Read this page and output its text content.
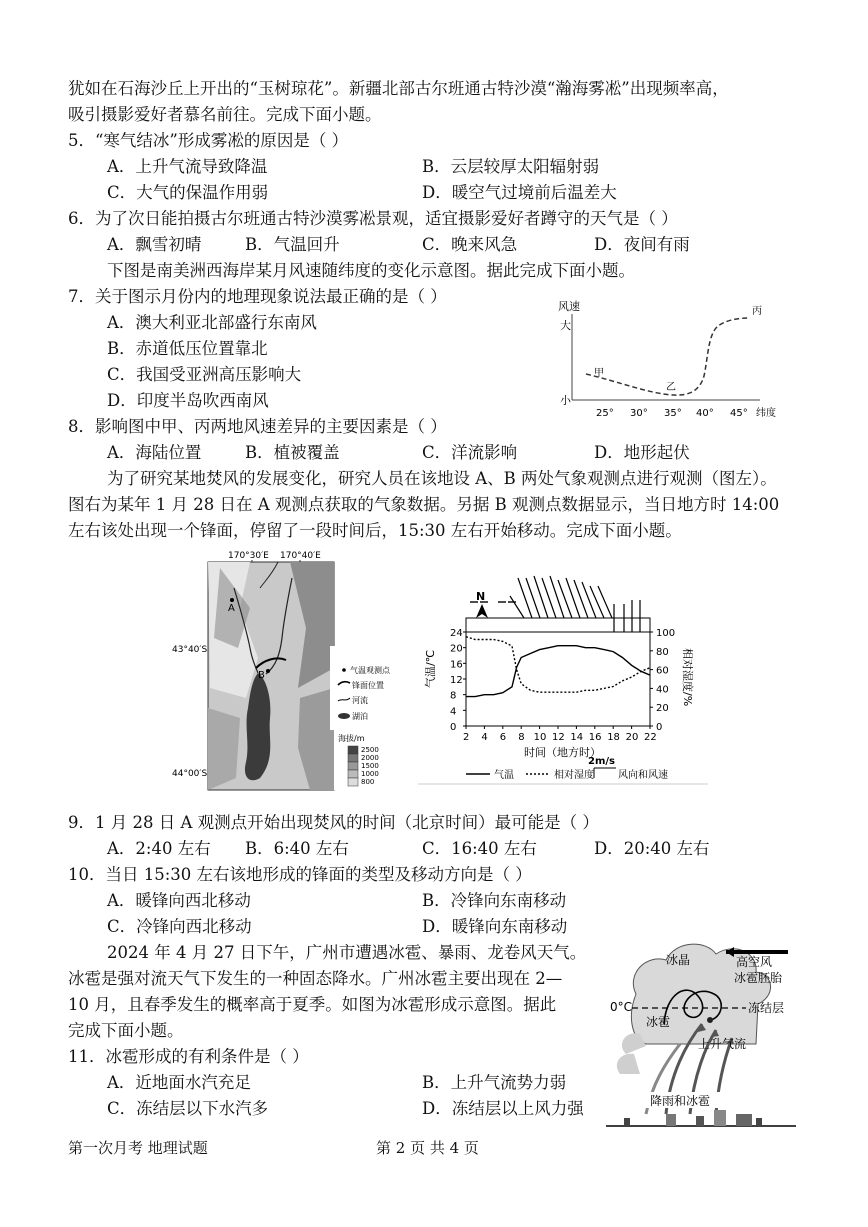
犹如在石海沙丘上开出的“玉树琼花”。新疆北部古尔班通古特沙漠“瀚海雾凇”出现频率高，
吸引摄影爱好者慕名前往。完成下面小题。
5．“寒气结冰”形成雾凇的原因是（ ）
A．上升气流导致降温	B．云层较厚太阳辐射弱
C．大气的保温作用弱	D．暖空气过境前后温差大
6．为了次日能拍摄古尔班通古特沙漠雾凇景观，适宜摄影爱好者蹲守的天气是（ ）
A．飘雪初晴	B．气温回升	C．晚来风急	D．夜间有雨
下图是南美洲西海岸某月风速随纬度的变化示意图。据此完成下面小题。
7．关于图示月份内的地理现象说法最正确的是（ ）
A．澳大利亚北部盛行东南风
B．赤道低压位置靠北
C．我国受亚洲高压影响大
D．印度半岛吹西南风
风速
大
小
25° 30° 35° 40° 45° 纬度
甲
乙
丙
8．影响图中甲、丙两地风速差异的主要因素是（ ）
A．海陆位置	B．植被覆盖	C．洋流影响	D．地形起伏
为了研究某地焚风的发展变化，研究人员在该地设 A、B 两处气象观测点进行观测（图左）。
图右为某年 1 月 28 日在 A 观测点获取的气象数据。另据 B 观测点数据显示，当日地方时 14:00
左右该处出现一个锋面，停留了一段时间后，15:30 左右开始移动。完成下面小题。
170°30′E 170°40′E
A
B
43°40′S
44°00′S
气温观测点
锋面位置
河流
湖泊
海拔/m
2500
2000
1500
1000
800
N
0
4
8
12
16
20
24
0
20
40
60
80
100
2 4 6 8 10 12 14 16 18 20 22
气温/℃	相对湿度/%
时间（地方时）
气温	相对湿度
2m/s
风向和风速
9．1 月 28 日 A 观测点开始出现焚风的时间（北京时间）最可能是（ ）
A．2:40 左右 B．6:40 左右	C．16:40 左右	D．20:40 左右
10．当日 15:30 左右该地形成的锋面的类型及移动方向是（ ）
A．暖锋向西北移动	B．冷锋向东南移动
C．冷锋向西北移动	D．暖锋向东南移动
2024 年 4 月 27 日下午，广州市遭遇冰雹、暴雨、龙卷风天气。
冰雹是强对流天气下发生的一种固态降水。广州冰雹主要出现在 2—
10 月，且春季发生的概率高于夏季。如图为冰雹形成示意图。据此
完成下面小题。
11．冰雹形成的有利条件是（ ）
A．近地面水汽充足	B．上升气流势力弱
C．冻结层以下水汽多	D．冻结层以上风力强
冰晶	高空风
冰雹胚胎
0°C	冻结层
冰雹
上升气流
降雨和冰雹
第一次月考 地理试题	第 2 页 共 4 页
